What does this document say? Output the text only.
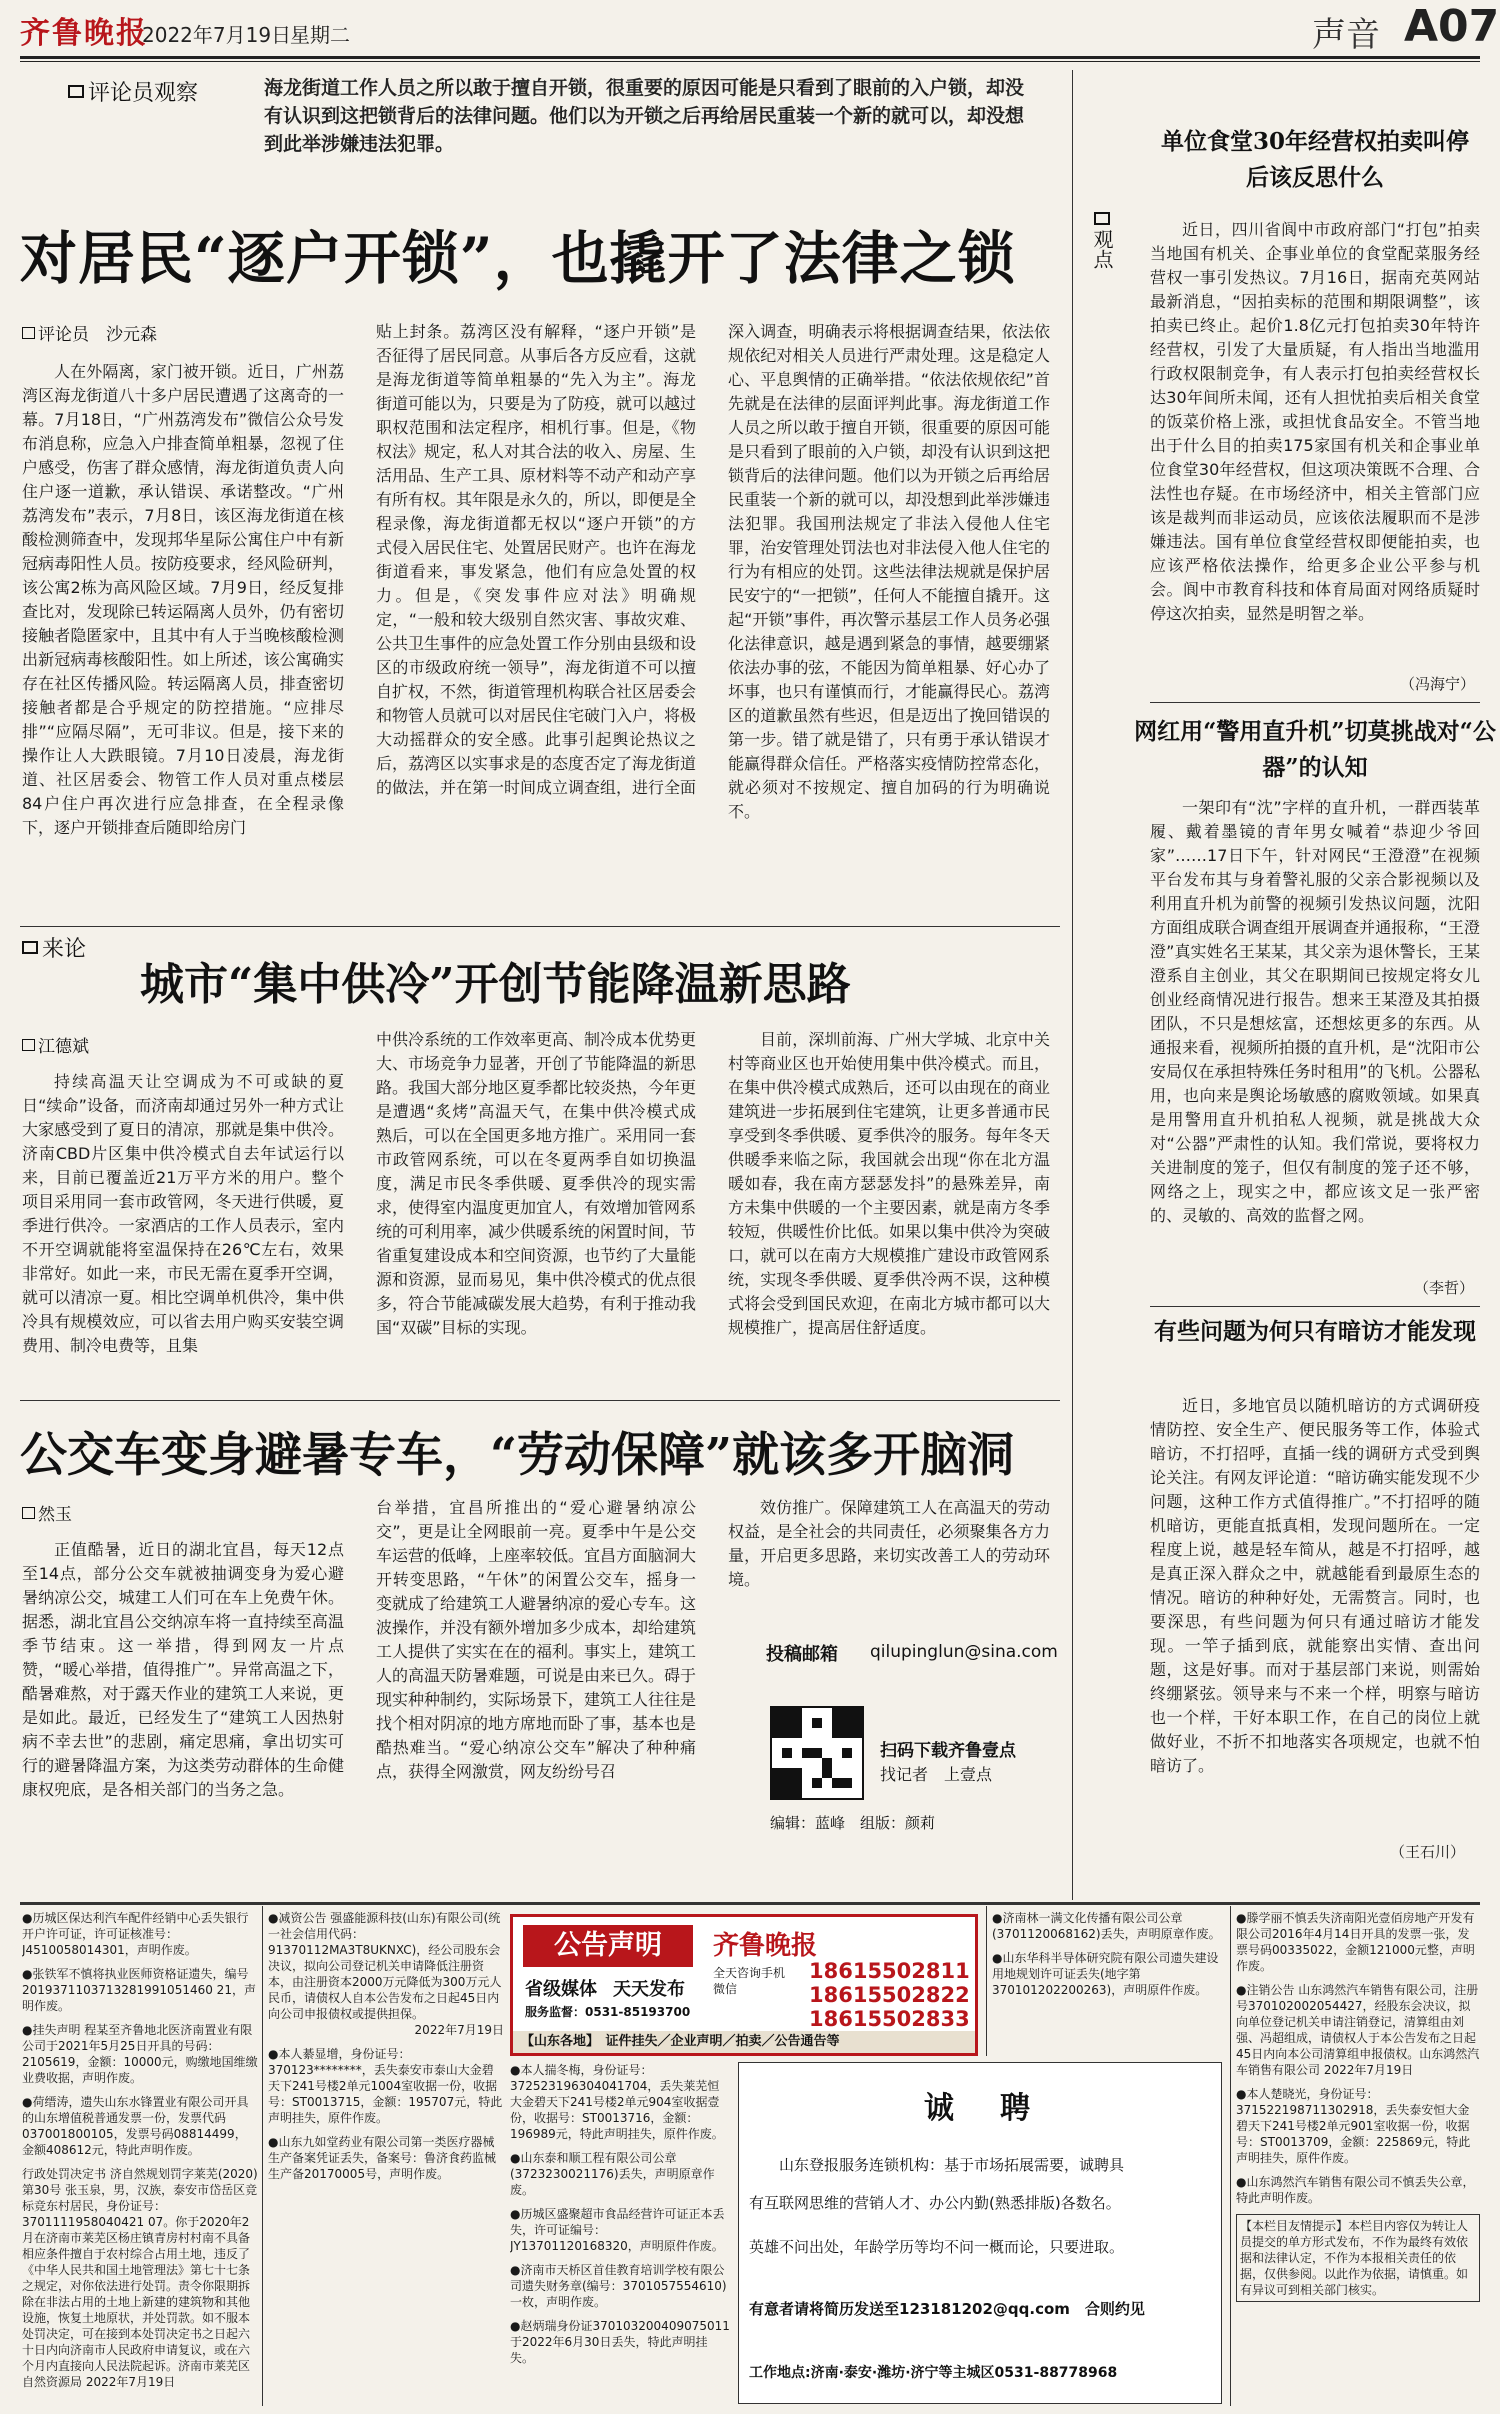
齐鲁晚报
2022年7月19日
星期二	声音 A07
评论员观察	海龙街道工作人员之所以敢于擅自开锁，很重要的原因可能是只看到了眼前的入户锁，却没有认识到这把锁背后的法律问题。他们以为开锁之后再给居民重装一个新的就可以，却没想到此举涉嫌违法犯罪。
对居民“逐户开锁”，也撬开了法律之锁
评论员　沙元森
人在外隔离，家门被开锁。近日，广州荔湾区海龙街道八十多户居民遭遇了这离奇的一幕。7月18日，“广州荔湾发布”微信公众号发布消息称，应急入户排查简单粗暴，忽视了住户感受，伤害了群众感情，海龙街道负责人向住户逐一道歉，承认错误、承诺整改。“广州荔湾发布”表示，7月8日，该区海龙街道在核酸检测筛查中，发现邦华星际公寓住户中有新冠病毒阳性人员。按防疫要求，经风险研判，该公寓2栋为高风险区域。7月9日，经反复排查比对，发现除已转运隔离人员外，仍有密切接触者隐匿家中，且其中有人于当晚核酸检测出新冠病毒核酸阳性。如上所述，该公寓确实存在社区传播风险。转运隔离人员，排查密切接触者都是合乎规定的防控措施。“应排尽排”“应隔尽隔”，无可非议。但是，接下来的操作让人大跌眼镜。7月10日凌晨，海龙街道、社区居委会、物管工作人员对重点楼层84户住户再次进行应急排查，在全程录像下，逐户开锁排查后随即给房门
贴上封条。荔湾区没有解释，“逐户开锁”是否征得了居民同意。从事后各方反应看，这就是海龙街道等简单粗暴的“先入为主”。海龙街道可能以为，只要是为了防疫，就可以越过职权范围和法定程序，相机行事。但是，《物权法》规定，私人对其合法的收入、房屋、生活用品、生产工具、原材料等不动产和动产享有所有权。其年限是永久的，所以，即便是全程录像，海龙街道都无权以“逐户开锁”的方式侵入居民住宅、处置居民财产。也许在海龙街道看来，事发紧急，他们有应急处置的权力。但是，《突发事件应对法》明确规定，“一般和较大级别自然灾害、事故灾难、公共卫生事件的应急处置工作分别由县级和设区的市级政府统一领导”，海龙街道不可以擅自扩权，不然，街道管理机构联合社区居委会和物管人员就可以对居民住宅破门入户，将极大动摇群众的安全感。此事引起舆论热议之后，荔湾区以实事求是的态度否定了海龙街道的做法，并在第一时间成立调查组，进行全面
深入调查，明确表示将根据调查结果，依法依规依纪对相关人员进行严肃处理。这是稳定人心、平息舆情的正确举措。“依法依规依纪”首先就是在法律的层面评判此事。海龙街道工作人员之所以敢于擅自开锁，很重要的原因可能是只看到了眼前的入户锁，却没有认识到这把锁背后的法律问题。他们以为开锁之后再给居民重装一个新的就可以，却没想到此举涉嫌违法犯罪。我国刑法规定了非法入侵他人住宅罪，治安管理处罚法也对非法侵入他人住宅的行为有相应的处罚。这些法律法规就是保护居民安宁的“一把锁”，任何人不能擅自撬开。这起“开锁”事件，再次警示基层工作人员务必强化法律意识，越是遇到紧急的事情，越要绷紧依法办事的弦，不能因为简单粗暴、好心办了坏事，也只有谨慎而行，才能赢得民心。荔湾区的道歉虽然有些迟，但是迈出了挽回错误的第一步。错了就是错了，只有勇于承认错误才能赢得群众信任。严格落实疫情防控常态化，就必须对不按规定、擅自加码的行为明确说不。
来论
城市“集中供冷”开创节能降温新思路
江德斌
持续高温天让空调成为不可或缺的夏日“续命”设备，而济南却通过另外一种方式让大家感受到了夏日的清凉，那就是集中供冷。济南CBD片区集中供冷模式自去年试运行以来，目前已覆盖近21万平方米的用户。整个项目采用同一套市政管网，冬天进行供暖，夏季进行供冷。一家酒店的工作人员表示，室内不开空调就能将室温保持在26℃左右，效果非常好。如此一来，市民无需在夏季开空调，就可以清凉一夏。相比空调单机供冷，集中供冷具有规模效应，可以省去用户购买安装空调费用、制冷电费等，且集
中供冷系统的工作效率更高、制冷成本优势更大、市场竞争力显著，开创了节能降温的新思路。我国大部分地区夏季都比较炎热，今年更是遭遇“炙烤”高温天气，在集中供冷模式成熟后，可以在全国更多地方推广。采用同一套市政管网系统，可以在冬夏两季自如切换温度，满足市民冬季供暖、夏季供冷的现实需求，使得室内温度更加宜人，有效增加管网系统的可利用率，减少供暖系统的闲置时间，节省重复建设成本和空间资源，也节约了大量能源和资源，显而易见，集中供冷模式的优点很多，符合节能减碳发展大趋势，有利于推动我国“双碳”目标的实现。
目前，深圳前海、广州大学城、北京中关村等商业区也开始使用集中供冷模式。而且，在集中供冷模式成熟后，还可以由现在的商业建筑进一步拓展到住宅建筑，让更多普通市民享受到冬季供暖、夏季供冷的服务。每年冬天供暖季来临之际，我国就会出现“你在北方温暖如春，我在南方瑟瑟发抖”的悬殊差异，南方未集中供暖的一个主要因素，就是南方冬季较短，供暖性价比低。如果以集中供冷为突破口，就可以在南方大规模推广建设市政管网系统，实现冬季供暖、夏季供冷两不误，这种模式将会受到国民欢迎，在南北方城市都可以大规模推广，提高居住舒适度。
公交车变身避暑专车，“劳动保障”就该多开脑洞
然玉
正值酷暑，近日的湖北宜昌，每天12点至14点，部分公交车就被抽调变身为爱心避暑纳凉公交，城建工人们可在车上免费午休。据悉，湖北宜昌公交纳凉车将一直持续至高温季节结束。这一举措，得到网友一片点赞，“暖心举措，值得推广”。异常高温之下，酷暑难熬，对于露天作业的建筑工人来说，更是如此。最近，已经发生了“建筑工人因热射病不幸去世”的悲剧，痛定思痛，拿出切实可行的避暑降温方案，为这类劳动群体的生命健康权兜底，是各相关部门的当务之急。
台举措，宜昌所推出的“爱心避暑纳凉公交”，更是让全网眼前一亮。夏季中午是公交车运营的低峰，上座率较低。宜昌方面脑洞大开转变思路，“午休”的闲置公交车，摇身一变就成了给建筑工人避暑纳凉的爱心专车。这波操作，并没有额外增加多少成本，却给建筑工人提供了实实在在的福利。事实上，建筑工人的高温天防暑难题，可说是由来已久。碍于现实种种制约，实际场景下，建筑工人往往是找个相对阴凉的地方席地而卧了事，基本也是酷热难当。“爱心纳凉公交车”解决了种种痛点，获得全网激赏，网友纷纷号召
效仿推广。保障建筑工人在高温天的劳动权益，是全社会的共同责任，必须聚集各方力量，开启更多思路，来切实改善工人的劳动环境。
投稿邮箱 qilupinglun@sina.com
扫码下载齐鲁壹点
找记者　上壹点
编辑：蓝峰　组版：颜莉
观点
单位食堂30年经营权拍卖叫停后该反思什么
近日，四川省阆中市政府部门“打包”拍卖当地国有机关、企事业单位的食堂配菜服务经营权一事引发热议。7月16日，据南充英网站最新消息，“因拍卖标的范围和期限调整”，该拍卖已终止。起价1.8亿元打包拍卖30年特许经营权，引发了大量质疑，有人指出当地滥用行政权限制竞争，有人表示打包拍卖经营权长达30年间所未闻，还有人担忧拍卖后相关食堂的饭菜价格上涨，或担忧食品安全。不管当地出于什么目的拍卖175家国有机关和企事业单位食堂30年经营权，但这项决策既不合理、合法性也存疑。在市场经济中，相关主管部门应该是裁判而非运动员，应该依法履职而不是涉嫌违法。国有单位食堂经营权即便能拍卖，也应该严格依法操作，给更多企业公平参与机会。阆中市教育科技和体育局面对网络质疑时停这次拍卖，显然是明智之举。
（冯海宁）
网红用“警用直升机”切莫挑战对“公器”的认知
一架印有“沈”字样的直升机，一群西装革履、戴着墨镜的青年男女喊着“恭迎少爷回家”……17日下午，针对网民“王澄澄”在视频平台发布其与身着警礼服的父亲合影视频以及利用直升机为前警的视频引发热议问题，沈阳方面组成联合调查组开展调查并通报称，“王澄澄”真实姓名王某某，其父亲为退休警长，王某澄系自主创业，其父在职期间已按规定将女儿创业经商情况进行报告。想来王某澄及其拍摄团队，不只是想炫富，还想炫更多的东西。从通报来看，视频所拍摄的直升机，是“沈阳市公安局仅在承担特殊任务时租用”的飞机。公器私用，也向来是舆论场敏感的腐败领域。如果真是用警用直升机拍私人视频，就是挑战大众对“公器”严肃性的认知。我们常说，要将权力关进制度的笼子，但仅有制度的笼子还不够，网络之上，现实之中，都应该文足一张严密的、灵敏的、高效的监督之网。
（李哲）
有些问题为何只有暗访才能发现
近日，多地官员以随机暗访的方式调研疫情防控、安全生产、便民服务等工作，体验式暗访，不打招呼，直插一线的调研方式受到舆论关注。有网友评论道：“暗访确实能发现不少问题，这种工作方式值得推广。”不打招呼的随机暗访，更能直抵真相，发现问题所在。一定程度上说，越是轻车简从，越是不打招呼，越是真正深入群众之中，就越能看到最原生态的情况。暗访的种种好处，无需赘言。同时，也要深思，有些问题为何只有通过暗访才能发现。一竿子插到底，就能察出实情、查出问题，这是好事。而对于基层部门来说，则需始终绷紧弦。领导来与不来一个样，明察与暗访也一个样，干好本职工作，在自己的岗位上就做好业，不折不扣地落实各项规定，也就不怕暗访了。
（王石川）
●历城区保达利汽车配件经销中心丢失银行开户许可证，许可证核准号：J4510058014301，声明作废。
●张铁军不慎将执业医师资格证遗失，编号2019371103713281991051460 21，声明作废。
●挂失声明 程某至齐鲁地北医济南置业有限公司于2021年5月25日开具的号码：2105619，金额：10000元，购缴地国维缴业费收据，声明作废。
●荷缙涛，遗失山东水锋置业有限公司开具的山东增值税普通发票一份，发票代码037001800105，发票号码08814499，金额408612元，特此声明作废。
行政处罚决定书 济自然规划罚字莱芜(2020)第30号 张玉泉，男，汉族，泰安市岱岳区竞标竞东村居民，身份证号：3701111958040421 07。你于2020年2月在济南市莱芜区杨庄镇青房村村南不具备相应条件擅自于农村综合占用土地，违反了《中华人民共和国土地管理法》第七十七条之规定，对你依法进行处罚。责令你限期拆除在非法占用的土地上新建的建筑物和其他设施，恢复土地原状，并处罚款。如不服本处罚决定，可在接到本处罚决定书之日起六十日内向济南市人民政府申请复议，或在六个月内直接向人民法院起诉。济南市莱芜区自然资源局 2022年7月19日
●减资公告 强盛能源科技(山东)有限公司(统一社会信用代码：91370112MA3T8UKNXC)，经公司股东会决议，拟向公司登记机关申请降低注册资本，由注册资本2000万元降低为300万元人民币，请债权人自本公告发布之日起45日内向公司申报债权或提供担保。
2022年7月19日
●本人綦显增，身份证号：370123********，丢失泰安市泰山大金碧天下241号楼2单元1004室收据一份，收据号：ST0013715，金额：195707元，特此声明挂失，原件作废。
●山东九如堂药业有限公司第一类医疗器械生产备案凭证丢失，备案号：鲁济食药监械生产备20170005号，声明作废。
公告声明
省级媒体 天天发布
服务监督：0531-85193700
齐鲁晚报
全天咨询手机微信
18615502811
18615502822
18615502833
【山东各地】　 证件挂失／企业声明／拍卖／公告通告等
●本人揣冬梅，身份证号：372523196304041704，丢失莱芜恒大金碧天下241号楼2单元904室收据壹份，收据号：ST0013716，金额：196989元，特此声明挂失，原件作废。
●山东泰和顺工程有限公司公章(3723230021176)丢失，声明原章作废。
●历城区盛聚超市食品经营许可证正本丢失，许可证编号：JY13701120168320，声明原件作废。
●济南市天桥区首佳教育培训学校有限公司遗失财务章(编号：3701057554610)一枚，声明作废。
●赵炳瑞身份证370103200409075011于2022年6月30日丢失，特此声明挂失。
诚　聘
山东登报服务连锁机构：基于市场拓展需要，诚聘具
有互联网思维的营销人才、办公内勤(熟悉排版)各数名。
英雄不问出处，年龄学历等均不问一概而论，只要进取。
有意者请将简历发送至123181202@qq.com　合则约见
工作地点:济南·泰安·潍坊·济宁等主城区0531-88778968
●济南林一满文化传播有限公司公章(3701120068162)丢失，声明原章作废。
●山东华科半导体研究院有限公司遗失建设用地规划许可证丢失(地字第370101202200263)，声明原件作废。
●滕学丽不慎丢失济南阳光壹佰房地产开发有限公司2016年4月14日开具的发票一张，发票号码00335022，金额121000元整，声明作废。
●注销公告 山东鸿然汽车销售有限公司，注册号370102002054427，经股东会决议，拟向单位登记机关申请注销登记，清算组由刘强、冯超组成，请债权人于本公告发布之日起45日内向本公司清算组申报债权。山东鸿然汽车销售有限公司 2022年7月19日
●本人楚晓光，身份证号：371522198711302918，丢失泰安恒大金碧天下241号楼2单元901室收据一份，收据号：ST0013709，金额：225869元，特此声明挂失，原件作废。
●山东鸿然汽车销售有限公司不慎丢失公章，特此声明作废。
【本栏目友情提示】本栏目内容仅为转让人员提交的单方形式发布，不作为最终有效依据和法律认定，不作为本报相关责任的依据，仅供参阅。以此作为依据，请慎重。如有异议可到相关部门核实。
